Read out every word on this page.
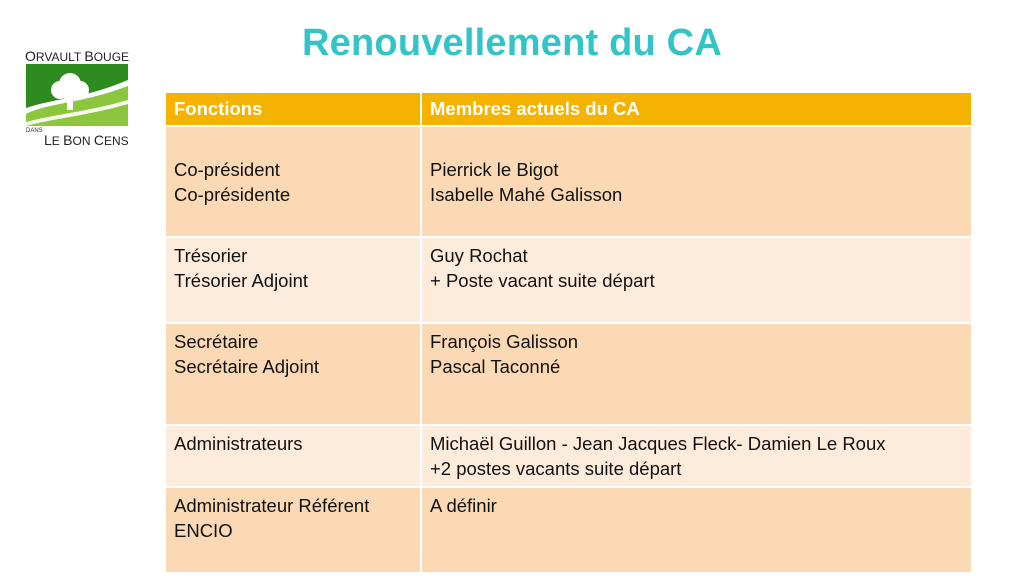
Renouvellement du CA
ORVAULT BOUGE
DANS
LE BON CENS
Fonctions	Membres actuels du CA
Co-président
Co-présidente
Pierrick le Bigot
Isabelle Mahé Galisson
Trésorier
Trésorier Adjoint
Guy Rochat
+ Poste vacant suite départ
Secrétaire
Secrétaire Adjoint
François Galisson
Pascal Taconné
Administrateurs	Michaël Guillon - Jean Jacques Fleck- Damien Le Roux
+2 postes vacants suite départ
Administrateur Référent
ENCIO
A définir
